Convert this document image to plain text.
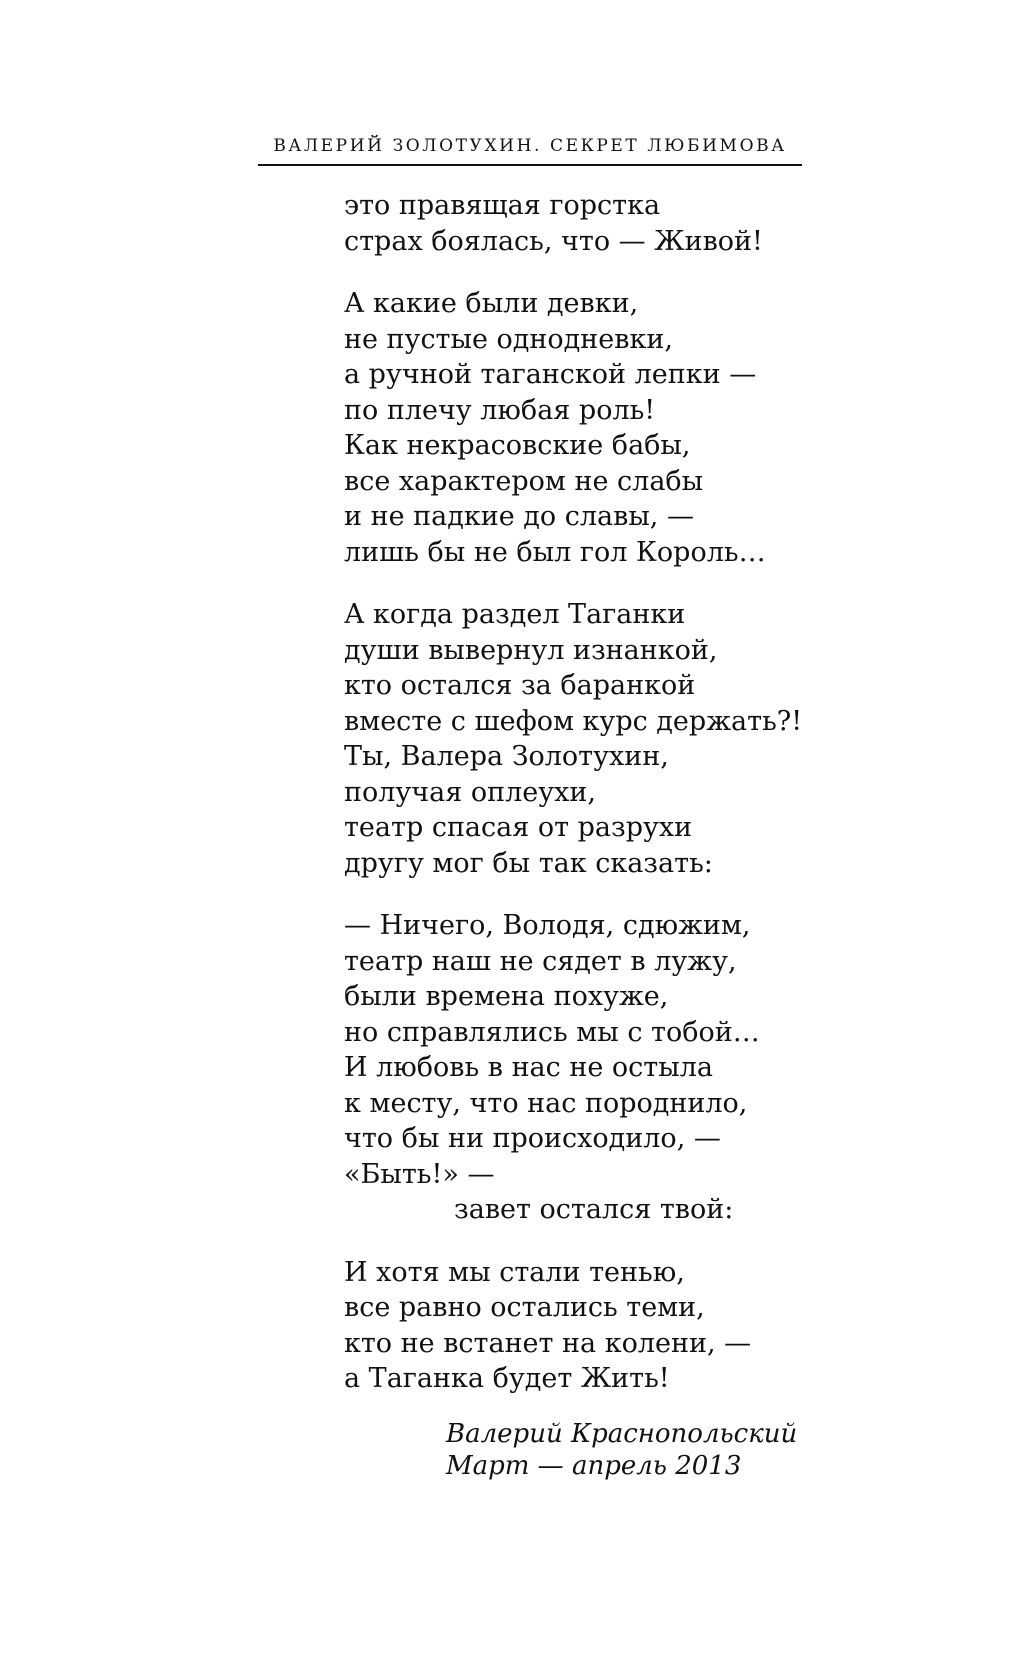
ВАЛЕРИЙ ЗОЛОТУХИН. СЕКРЕТ ЛЮБИМОВА
это правящая горстка
страх боялась, что — Живой!
А какие были девки,
не пустые однодневки,
а ручной таганской лепки —
по плечу любая роль!
Как некрасовские бабы,
все характером не слабы
и не падкие до славы, —
лишь бы не был гол Король…
А когда раздел Таганки
души вывернул изнанкой,
кто остался за баранкой
вместе с шефом курс держать?!
Ты, Валера Золотухин,
получая оплеухи,
театр спасая от разрухи
другу мог бы так сказать:
— Ничего, Володя, сдюжим,
театр наш не сядет в лужу,
были времена похуже,
но справлялись мы с тобой…
И любовь в нас не остыла
к месту, что нас породнило,
что бы ни происходило, —
«Быть!» —
завет остался твой:
И хотя мы стали тенью,
все равно остались теми,
кто не встанет на колени, —
а Таганка будет Жить!
Валерий Краснопольский
Март — апрель 2013
